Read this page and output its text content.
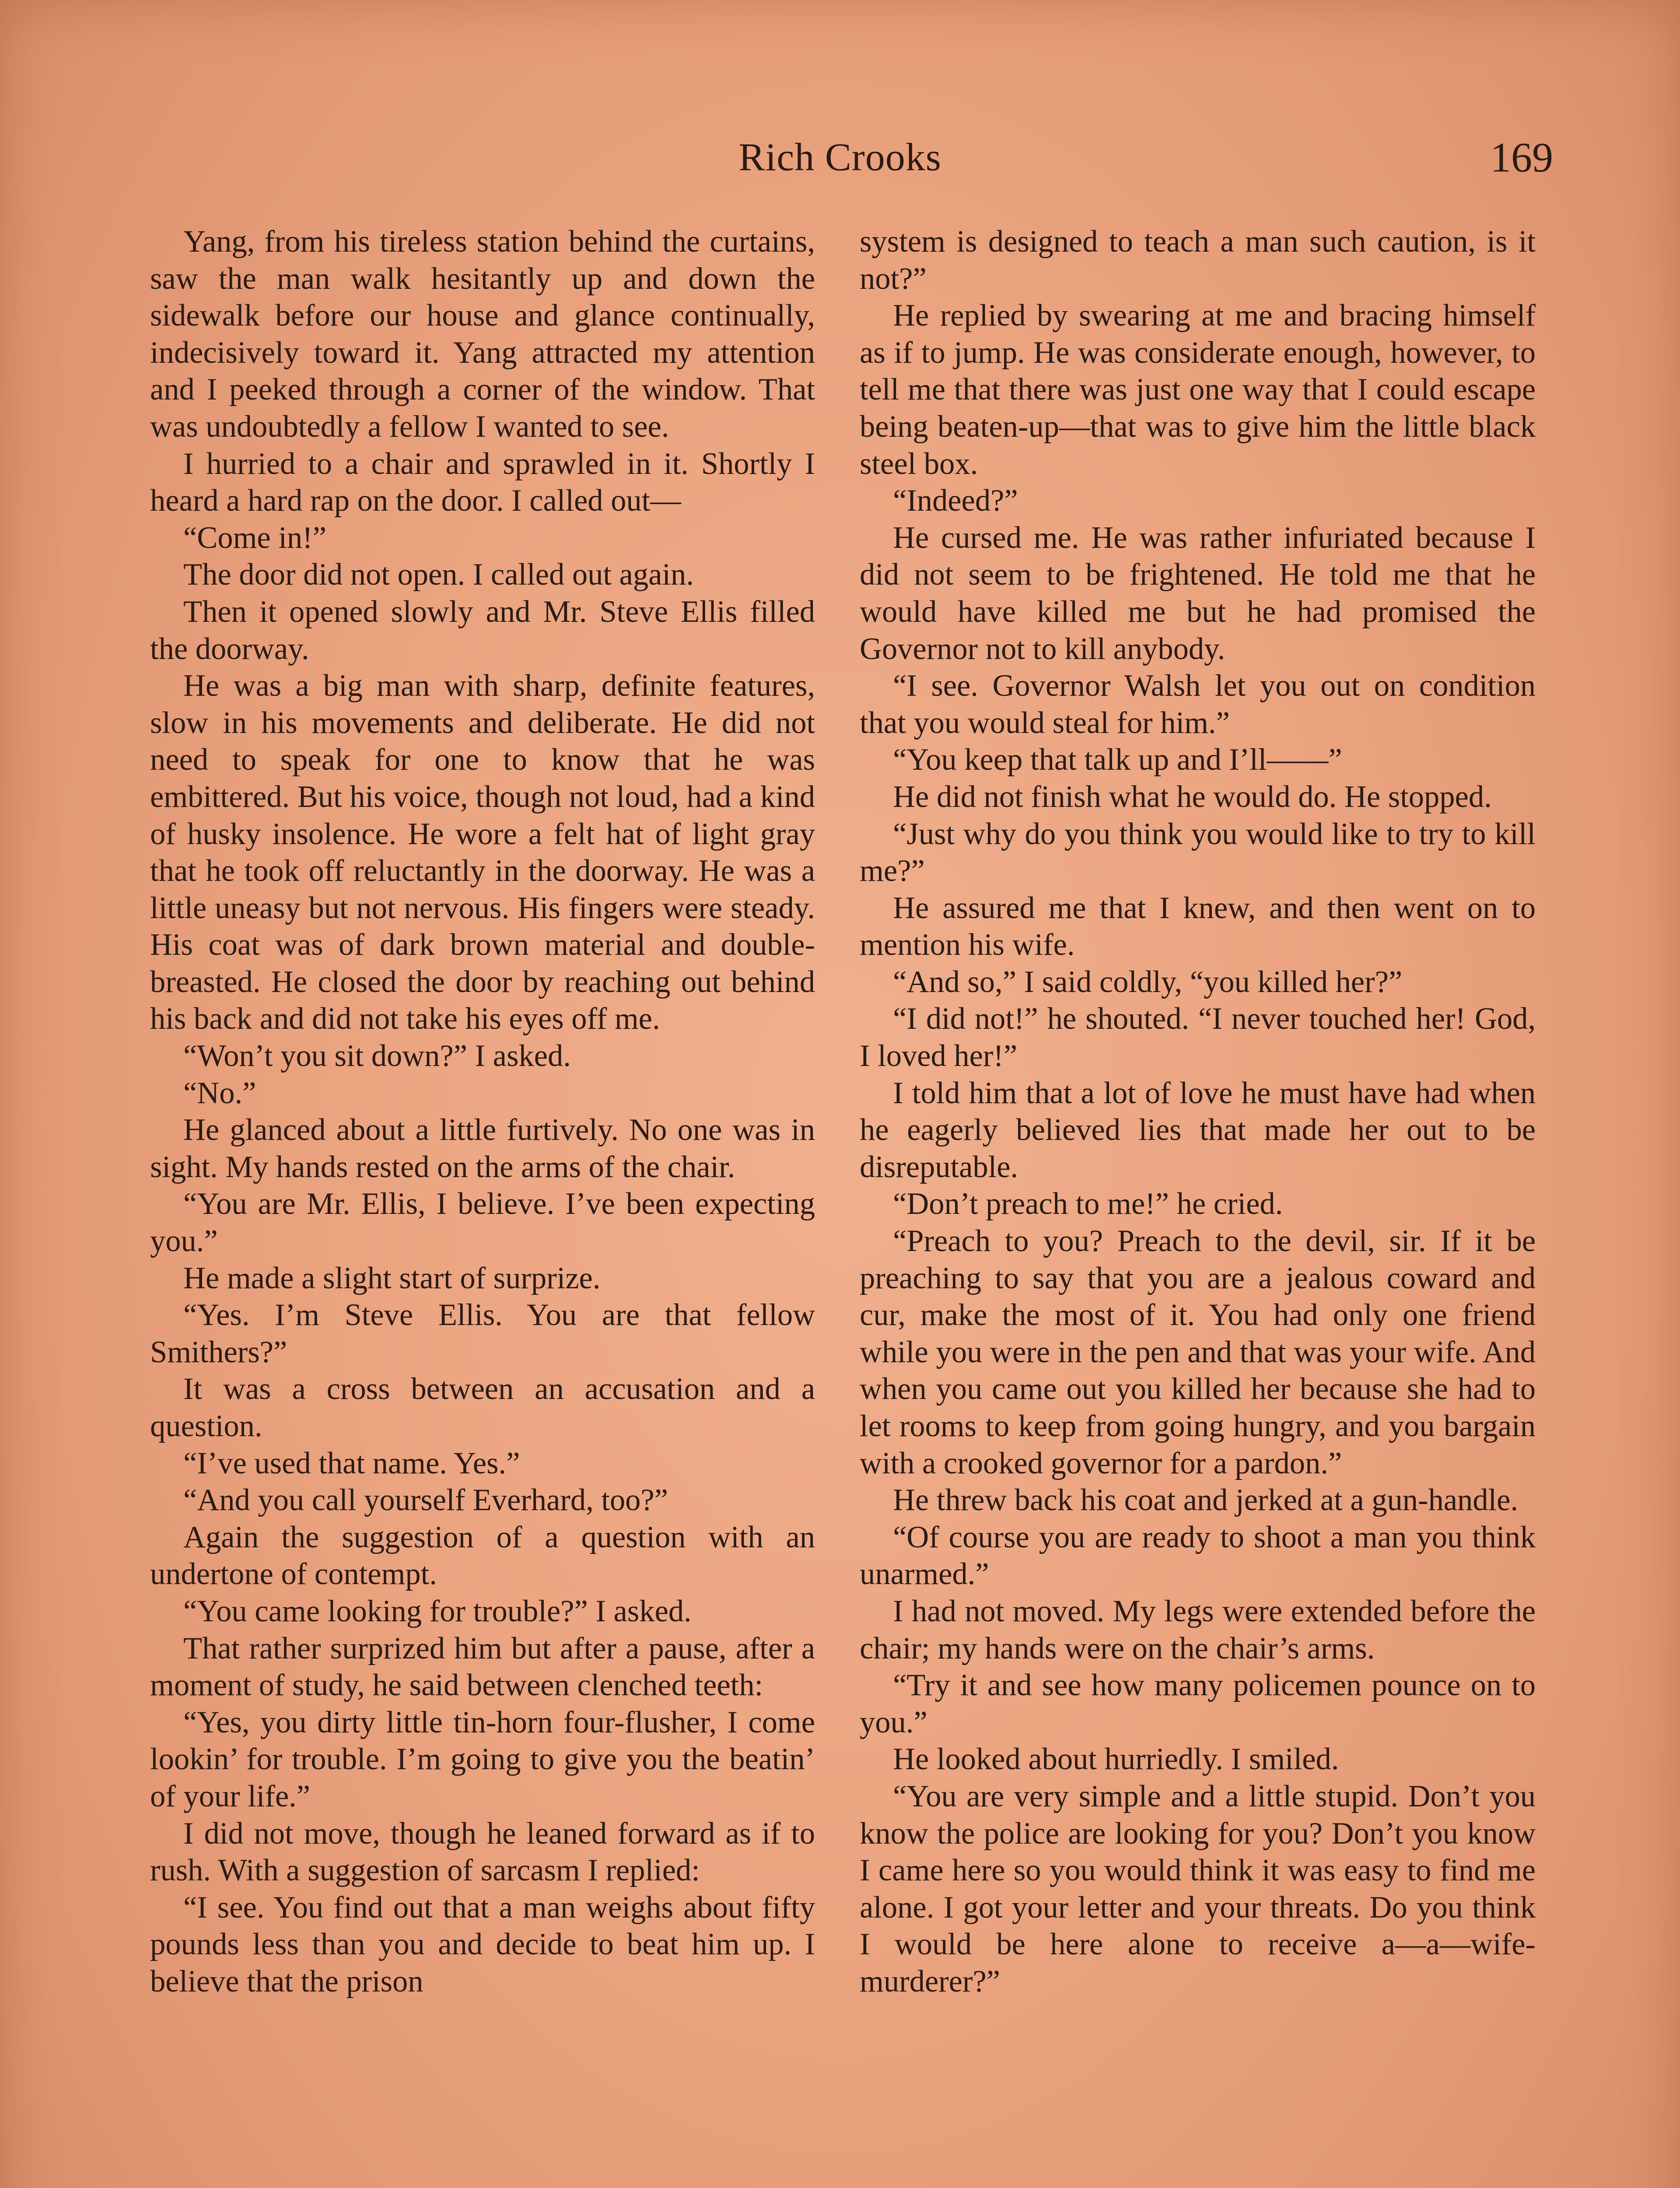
Rich Crooks	169

Yang, from his tireless station behind the curtains, saw the man walk hesitantly up and down the sidewalk before our house and glance continually, indecisively toward it. Yang attracted my attention and I peeked through a corner of the window. That was undoubtedly a fellow I wanted to see.

I hurried to a chair and sprawled in it. Shortly I heard a hard rap on the door. I called out—

“Come in!”

The door did not open. I called out again.

Then it opened slowly and Mr. Steve Ellis filled the doorway.

He was a big man with sharp, definite features, slow in his movements and deliberate. He did not need to speak for one to know that he was embittered. But his voice, though not loud, had a kind of husky insolence. He wore a felt hat of light gray that he took off reluctantly in the doorway. He was a little uneasy but not nervous. His fingers were steady. His coat was of dark brown material and double-breasted. He closed the door by reaching out behind his back and did not take his eyes off me.

“Won’t you sit down?” I asked.

“No.”

He glanced about a little furtively. No one was in sight. My hands rested on the arms of the chair.

“You are Mr. Ellis, I believe. I’ve been expecting you.”

He made a slight start of surprize.

“Yes. I’m Steve Ellis. You are that fellow Smithers?”

It was a cross between an accusation and a question.

“I’ve used that name. Yes.”

“And you call yourself Everhard, too?”

Again the suggestion of a question with an undertone of contempt.

“You came looking for trouble?” I asked.

That rather surprized him but after a pause, after a moment of study, he said between clenched teeth:

“Yes, you dirty little tin-horn four-flusher, I come lookin’ for trouble. I’m going to give you the beatin’ of your life.”

I did not move, though he leaned forward as if to rush. With a suggestion of sarcasm I replied:

“I see. You find out that a man weighs about fifty pounds less than you and decide to beat him up. I believe that the prison

system is designed to teach a man such caution, is it not?”

He replied by swearing at me and bracing himself as if to jump. He was considerate enough, however, to tell me that there was just one way that I could escape being beaten-up—that was to give him the little black steel box.

“Indeed?”

He cursed me. He was rather infuriated because I did not seem to be frightened. He told me that he would have killed me but he had promised the Governor not to kill anybody.

“I see. Governor Walsh let you out on condition that you would steal for him.”

“You keep that talk up and I’ll——”

He did not finish what he would do. He stopped.

“Just why do you think you would like to try to kill me?”

He assured me that I knew, and then went on to mention his wife.

“And so,” I said coldly, “you killed her?”

“I did not!” he shouted. “I never touched her! God, I loved her!”

I told him that a lot of love he must have had when he eagerly believed lies that made her out to be disreputable.

“Don’t preach to me!” he cried.

“Preach to you? Preach to the devil, sir. If it be preaching to say that you are a jealous coward and cur, make the most of it. You had only one friend while you were in the pen and that was your wife. And when you came out you killed her because she had to let rooms to keep from going hungry, and you bargain with a crooked governor for a pardon.”

He threw back his coat and jerked at a gun-handle.

“Of course you are ready to shoot a man you think unarmed.”

I had not moved. My legs were extended before the chair; my hands were on the chair’s arms.

“Try it and see how many policemen pounce on to you.”

He looked about hurriedly. I smiled.

“You are very simple and a little stupid. Don’t you know the police are looking for you? Don’t you know I came here so you would think it was easy to find me alone. I got your letter and your threats. Do you think I would be here alone to receive a—a—wife-murderer?”
